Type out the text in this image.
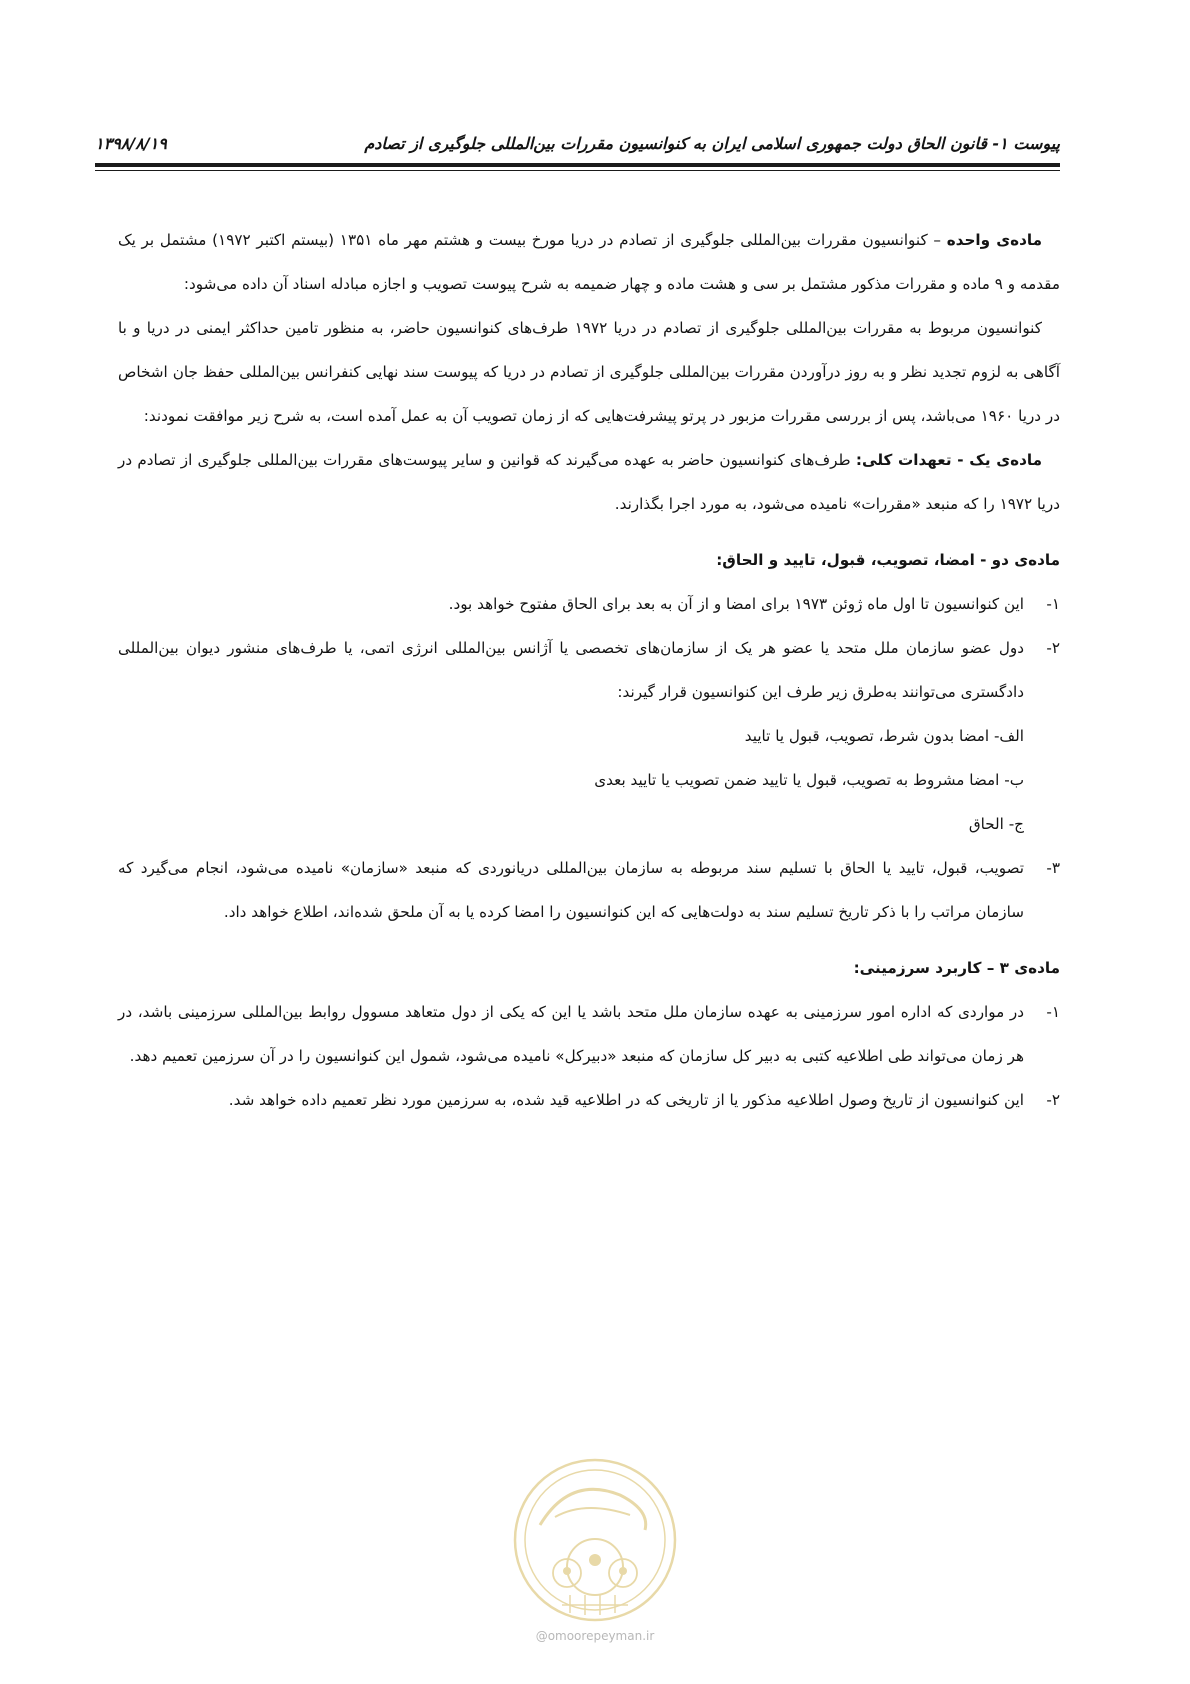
پیوست ۱- قانون الحاق دولت جمهوری اسلامی ایران به کنوانسیون مقررات بین‌المللی جلوگیری از تصادم
۱۳۹۸/۸/۱۹

ماده‌ی واحده – کنوانسیون مقررات بین‌المللی جلوگیری از تصادم در دریا مورخ بیست و هشتم مهر ماه ۱۳۵۱ (بیستم اکتبر ۱۹۷۲) مشتمل بر یک مقدمه و ۹ ماده و مقررات مذکور مشتمل بر سی و هشت ماده و چهار ضمیمه به شرح پیوست تصویب و اجازه مبادله اسناد آن داده می‌شود:

کنوانسیون مربوط به مقررات بین‌المللی جلوگیری از تصادم در دریا ۱۹۷۲ طرف‌های کنوانسیون حاضر، به منظور تامین حداکثر ایمنی در دریا و با آگاهی به لزوم تجدید نظر و به روز درآوردن مقررات بین‌المللی جلوگیری از تصادم در دریا که پیوست سند نهایی کنفرانس بین‌المللی حفظ جان اشخاص در دریا ۱۹۶۰ می‌باشد، پس از بررسی مقررات مزبور در پرتو پیشرفت‌هایی که از زمان تصویب آن به عمل آمده است، به شرح زیر موافقت نمودند:

ماده‌ی یک - تعهدات کلی: طرف‌های کنوانسیون حاضر به عهده می‌گیرند که قوانین و سایر پیوست‌های مقررات بین‌المللی جلوگیری از تصادم در دریا ۱۹۷۲ را که منبعد «مقررات» نامیده می‌شود، به مورد اجرا بگذارند.

ماده‌ی دو - امضا، تصویب، قبول، تایید و الحاق:

۱-
این کنوانسیون تا اول ماه ژوئن ۱۹۷۳ برای امضا و از آن به بعد برای الحاق مفتوح خواهد بود.

۲-
دول عضو سازمان ملل متحد یا عضو هر یک از سازمان‌های تخصصی یا آژانس بین‌المللی انرژی اتمی، یا طرف‌های منشور دیوان بین‌المللی دادگستری می‌توانند به‌طرق زیر طرف این کنوانسیون قرار گیرند:

الف- امضا بدون شرط، تصویب، قبول یا تایید

ب- امضا مشروط به تصویب، قبول یا تایید ضمن تصویب یا تایید بعدی

ج- الحاق

۳-
تصویب، قبول، تایید یا الحاق با تسلیم سند مربوطه به سازمان بین‌المللی دریانوردی که منبعد «سازمان» نامیده می‌شود، انجام می‌گیرد که سازمان مراتب را با ذکر تاریخ تسلیم سند به دولت‌هایی که این کنوانسیون را امضا کرده یا به آن ملحق شده‌اند، اطلاع خواهد داد.

ماده‌ی ۳ – کاربرد سرزمینی:

۱-
در مواردی که اداره امور سرزمینی به عهده سازمان ملل متحد باشد یا این که یکی از دول متعاهد مسوول روابط بین‌المللی سرزمینی باشد، در هر زمان می‌تواند طی اطلاعیه کتبی به دبیر کل سازمان که منبعد «دبیرکل» نامیده می‌شود، شمول این کنوانسیون را در آن سرزمین تعمیم دهد.

۲-
این کنوانسیون از تاریخ وصول اطلاعیه مذکور یا از تاریخی که در اطلاعیه قید شده، به سرزمین مورد نظر تعمیم داده خواهد شد.

@omoorepeyman.ir
